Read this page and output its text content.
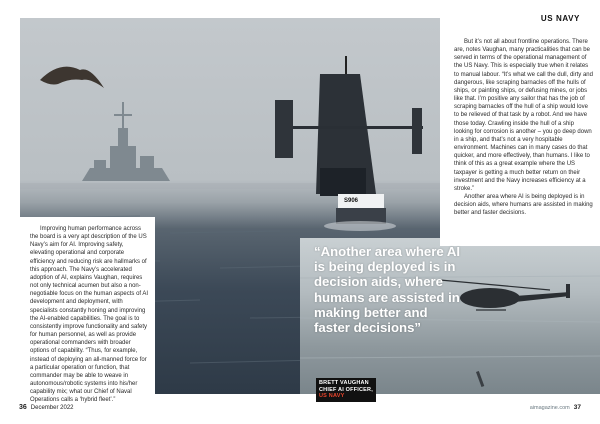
S906
US NAVY

Improving human performance across the board is a very apt description of the US Navy’s aim for AI. Improving safety, elevating operational and corporate efficiency and reducing risk are hallmarks of this approach. The Navy’s accelerated adoption of AI, explains Vaughan, requires not only technical acumen but also a non-negotiable focus on the human aspects of AI development and deployment, with specialists constantly honing and improving the AI-enabled capabilities. The goal is to consistently improve functionality and safety for human personnel, as well as provide operational commanders with broader options of capability. “Thus, for example, instead of deploying an all-manned force for a particular operation or function, that commander may be able to weave in autonomous/robotic systems into his/her capability mix; what our Chief of Naval Operations calls a ‘hybrid fleet’.”

But it’s not all about frontline operations. There are, notes Vaughan, many practicalities that can be served in terms of the operational management of the US Navy. This is especially true when it relates to manual labour. “It’s what we call the dull, dirty and dangerous, like scraping barnacles off the hulls of ships, or painting ships, or defusing mines, or jobs like that. I’m positive any sailor that has the job of scraping barnacles off the hull of a ship would love to be relieved of that task by a robot. And we have those today. Crawling inside the hull of a ship looking for corrosion is another – you go deep down in a ship, and that’s not a very hospitable environment. Machines can in many cases do that quicker, and more effectively, than humans. I like to think of this as a great example where the US taxpayer is getting a much better return on their investment and the Navy increases efficiency at a stroke.”

Another area where AI is being deployed is in decision aids, where humans are assisted in making better and faster decisions.

“Another area where AI is being deployed is in decision aids, where humans are assisted in making better and faster decisions”
BRETT VAUGHAN
CHIEF AI OFFICER,
US NAVY
36 December 2022	aimagazine.com 37
